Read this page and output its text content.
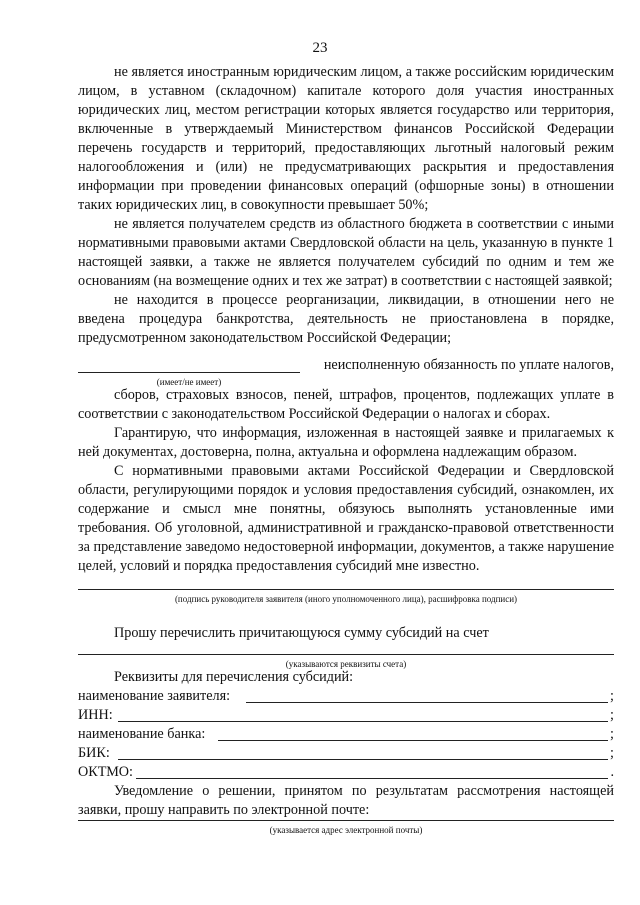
23

не является иностранным юридическим лицом, а также российским юридическим лицом, в уставном (складочном) капитале которого доля участия иностранных юридических лиц, местом регистрации которых является государство или территория, включенные в утверждаемый Министерством финансов Российской Федерации перечень государств и территорий, предоставляющих льготный налоговый режим налогообложения и (или) не предусматривающих раскрытия и предоставления информации при проведении финансовых операций (офшорные зоны) в отношении таких юридических лиц, в совокупности превышает 50%;

не является получателем средств из областного бюджета в соответствии с иными нормативными правовыми актами Свердловской области на цель, указанную в пункте 1 настоящей заявки, а также не является получателем субсидий по одним и тем же основаниям (на возмещение одних и тех же затрат) в соответствии с настоящей заявкой;

не находится в процессе реорганизации, ликвидации, в отношении него не введена процедура банкротства, деятельность не приостановлена в порядке, предусмотренном законодательством Российской Федерации;

неисполненную обязанность по уплате налогов,
(имеет/не имеет)

сборов, страховых взносов, пеней, штрафов, процентов, подлежащих уплате в соответствии с законодательством Российской Федерации о налогах и сборах.

Гарантирую, что информация, изложенная в настоящей заявке и прилагаемых к ней документах, достоверна, полна, актуальна и оформлена надлежащим образом.

С нормативными правовыми актами Российской Федерации и Свердловской области, регулирующими порядок и условия предоставления субсидий, ознакомлен, их содержание и смысл мне понятны, обязуюсь выполнять установленные ими требования. Об уголовной, административной и гражданско-правовой ответственности за представление заведомо недостоверной информации, документов, а также нарушение целей, условий и порядка предоставления субсидий мне известно.

(подпись руководителя заявителя (иного уполномоченного лица), расшифровка подписи)
Прошу перечислить причитающуюся сумму субсидий на счет
(указываются реквизиты счета)
Реквизиты для перечисления субсидий:
наименование заявителя:	;
ИНН:	;
наименование банка:	;
БИК:	;
ОКТМО:	.

Уведомление о решении, принятом по результатам рассмотрения настоящей заявки, прошу направить по электронной почте:

(указывается адрес электронной почты)
